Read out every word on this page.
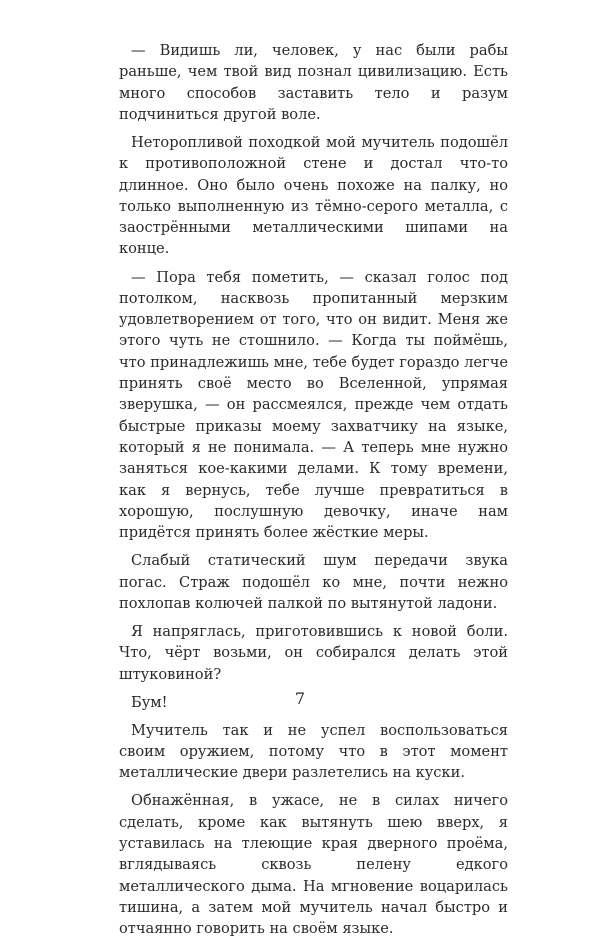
— Видишь ли, человек, у нас были рабы раньше, чем твой вид познал цивилизацию. Есть много способов заставить тело и разум подчиниться другой воле.

Неторопливой походкой мой мучитель подошёл к противоположной стене и достал что-то длинное. Оно было очень похоже на палку, но только выполненную из тёмно-серого металла, с заострёнными металлическими шипами на конце.

— Пора тебя пометить, — сказал голос под потолком, насквозь пропитанный мерзким удовлетворением от того, что он видит. Меня же этого чуть не стошнило. — Когда ты поймёшь, что принадлежишь мне, тебе будет гораздо легче принять своё место во Вселенной, упрямая зверушка, — он рассмеялся, прежде чем отдать быстрые приказы моему захватчику на языке, который я не понимала. — А теперь мне нужно заняться кое-какими делами. К тому времени, как я вернусь, тебе лучше превратиться в хорошую, послушную девочку, иначе нам придётся принять более жёсткие меры.

Слабый статический шум передачи звука погас. Страж подошёл ко мне, почти нежно похлопав колючей палкой по вытянутой ладони.

Я напряглась, приготовившись к новой боли. Что, чёрт возьми, он собирался делать этой штуковиной?

Бум!

Мучитель так и не успел воспользоваться своим оружием, потому что в этот момент металлические двери разлетелись на куски.

Обнажённая, в ужасе, не в силах ничего сделать, кроме как вытянуть шею вверх, я уставилась на тлеющие края дверного проёма, вглядываясь сквозь пелену едкого металлического дыма. На мгновение воцарилась тишина, а затем мой мучитель начал быстро и отчаянно говорить на своём языке.

7
